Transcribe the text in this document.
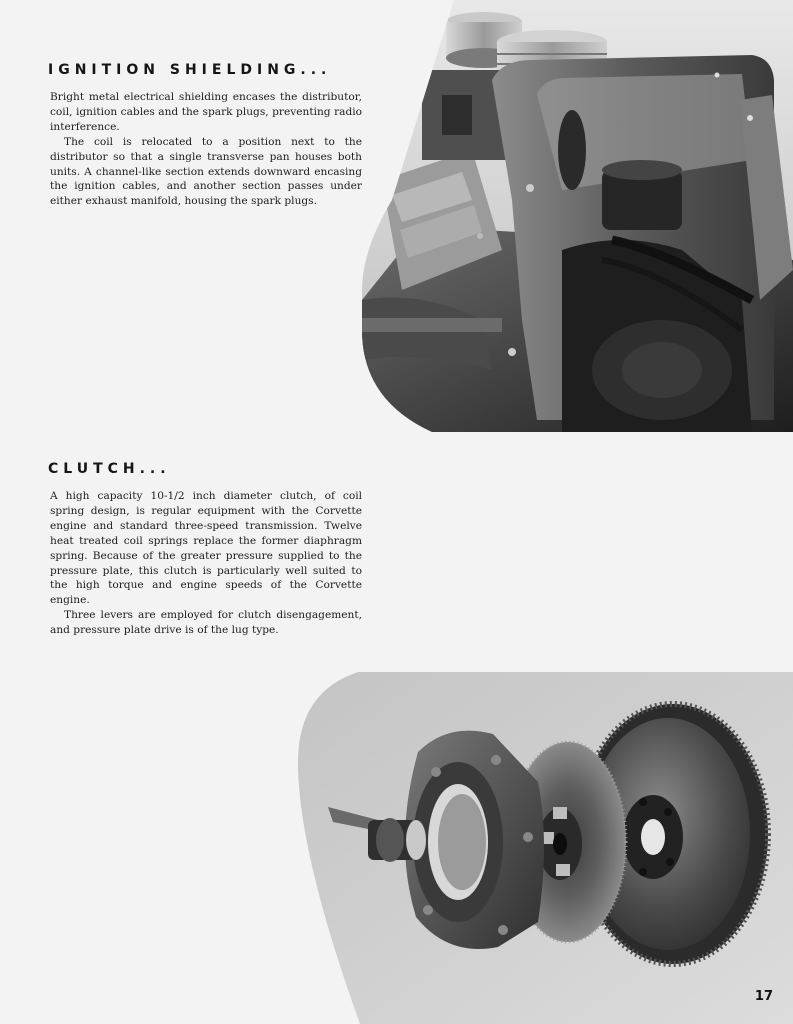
IGNITION SHIELDING...

Bright metal electrical shielding encases the distributor, coil, ignition cables and the spark plugs, preventing radio interference.

The coil is relocated to a position next to the distributor so that a single transverse pan houses both units. A channel-like section extends downward encasing the ignition cables, and another section passes under either exhaust manifold, housing the spark plugs.

CLUTCH...

A high capacity 10-1/2 inch diameter clutch, of coil spring design, is regular equipment with the Corvette engine and standard three-speed transmission. Twelve heat treated coil springs replace the former diaphragm spring. Because of the greater pressure supplied to the pressure plate, this clutch is particularly well suited to the high torque and engine speeds of the Corvette engine.

Three levers are employed for clutch disengagement, and pressure plate drive is of the lug type.

17
